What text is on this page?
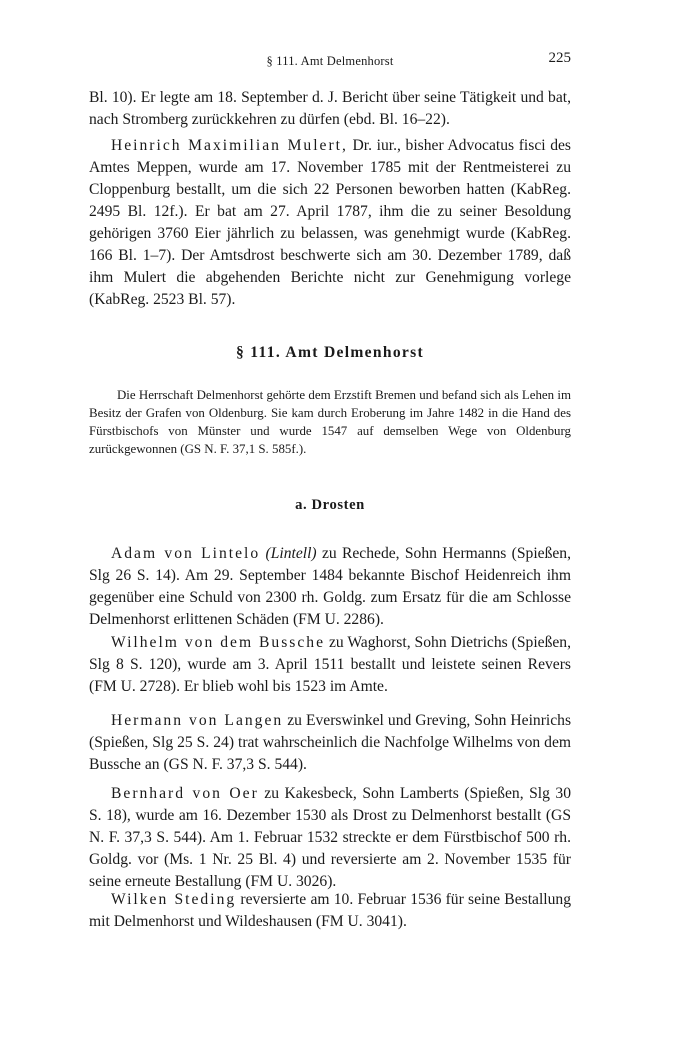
§ 111. Amt Delmenhorst	225

Bl. 10). Er legte am 18. September d. J. Bericht über seine Tätigkeit und bat, nach Stromberg zurückkehren zu dürfen (ebd. Bl. 16–22).

Heinrich Maximilian Mulert, Dr. iur., bisher Advocatus fisci des Amtes Meppen, wurde am 17. November 1785 mit der Rentmeisterei zu Cloppenburg bestallt, um die sich 22 Personen beworben hatten (KabReg. 2495 Bl. 12f.). Er bat am 27. April 1787, ihm die zu seiner Besoldung gehörigen 3760 Eier jährlich zu belassen, was genehmigt wurde (KabReg. 166 Bl. 1–7). Der Amtsdrost beschwerte sich am 30. Dezember 1789, daß ihm Mulert die abgehenden Berichte nicht zur Genehmigung vorlege (KabReg. 2523 Bl. 57).

§ 111. Amt Delmenhorst

Die Herrschaft Delmenhorst gehörte dem Erzstift Bremen und befand sich als Lehen im Besitz der Grafen von Oldenburg. Sie kam durch Eroberung im Jahre 1482 in die Hand des Fürstbischofs von Münster und wurde 1547 auf demselben Wege von Oldenburg zurückgewonnen (GS N. F. 37,1 S. 585f.).

a. Drosten

Adam von Lintelo (Lintell) zu Rechede, Sohn Hermanns (Spießen, Slg 26 S. 14). Am 29. September 1484 bekannte Bischof Heidenreich ihm gegenüber eine Schuld von 2300 rh. Goldg. zum Ersatz für die am Schlosse Delmenhorst erlittenen Schäden (FM U. 2286).

Wilhelm von dem Bussche zu Waghorst, Sohn Dietrichs (Spießen, Slg 8 S. 120), wurde am 3. April 1511 bestallt und leistete seinen Revers (FM U. 2728). Er blieb wohl bis 1523 im Amte.

Hermann von Langen zu Everswinkel und Greving, Sohn Heinrichs (Spießen, Slg 25 S. 24) trat wahrscheinlich die Nachfolge Wilhelms von dem Bussche an (GS N. F. 37,3 S. 544).

Bernhard von Oer zu Kakesbeck, Sohn Lamberts (Spießen, Slg 30 S. 18), wurde am 16. Dezember 1530 als Drost zu Delmenhorst bestallt (GS N. F. 37,3 S. 544). Am 1. Februar 1532 streckte er dem Fürstbischof 500 rh. Goldg. vor (Ms. 1 Nr. 25 Bl. 4) und reversierte am 2. November 1535 für seine erneute Bestallung (FM U. 3026).

Wilken Steding reversierte am 10. Februar 1536 für seine Bestallung mit Delmenhorst und Wildeshausen (FM U. 3041).
